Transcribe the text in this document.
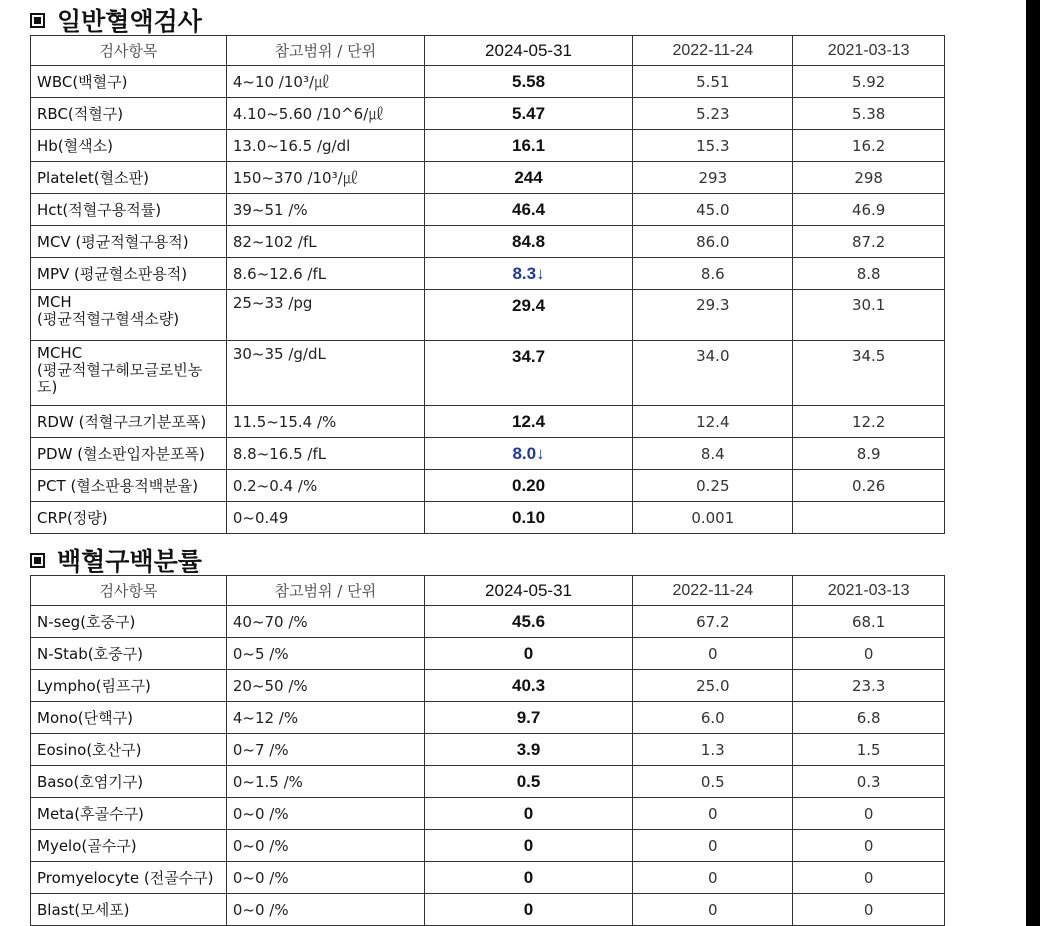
일반혈액검사
검사항목	참고범위 / 단위	2024-05-31	2022-11-24	2021-03-13
WBC(백혈구)	4~10 /10³/㎕	5.58	5.51	5.92
RBC(적혈구)	4.10~5.60 /10^6/㎕	5.47	5.23	5.38
Hb(혈색소)	13.0~16.5 /g/dl	16.1	15.3	16.2
Platelet(혈소판)	150~370 /10³/㎕	244	293	298
Hct(적혈구용적률)	39~51 /%	46.4	45.0	46.9
MCV (평균적혈구용적)	82~102 /fL	84.8	86.0	87.2
MPV (평균혈소판용적)	8.6~12.6 /fL	8.3↓	8.6	8.8
MCH
(평균적혈구혈색소량)	25~33 /pg	29.4	29.3	30.1
MCHC
(평균적혈구헤모글로빈농도)	30~35 /g/dL	34.7	34.0	34.5
RDW (적혈구크기분포폭)	11.5~15.4 /%	12.4	12.4	12.2
PDW (혈소판입자분포폭)	8.8~16.5 /fL	8.0↓	8.4	8.9
PCT (혈소판용적백분율)	0.2~0.4 /%	0.20	0.25	0.26
CRP(정량)	0~0.49	0.10	0.001	
백혈구백분률
검사항목	참고범위 / 단위	2024-05-31	2022-11-24	2021-03-13
N-seg(호중구)	40~70 /%	45.6	67.2	68.1
N-Stab(호중구)	0~5 /%	0	0	0
Lympho(림프구)	20~50 /%	40.3	25.0	23.3
Mono(단핵구)	4~12 /%	9.7	6.0	6.8
Eosino(호산구)	0~7 /%	3.9	1.3	1.5
Baso(호염기구)	0~1.5 /%	0.5	0.5	0.3
Meta(후골수구)	0~0 /%	0	0	0
Myelo(골수구)	0~0 /%	0	0	0
Promyelocyte (전골수구)	0~0 /%	0	0	0
Blast(모세포)	0~0 /%	0	0	0
